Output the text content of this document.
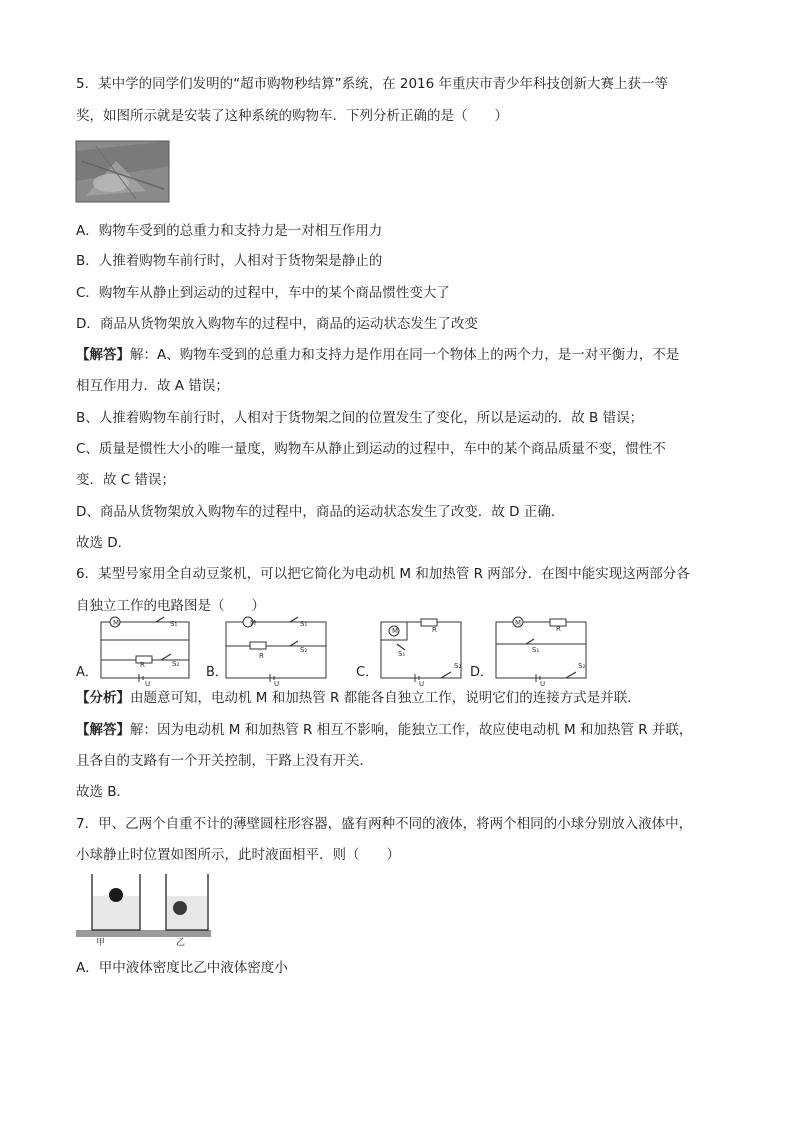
5．某中学的同学们发明的“超市购物秒结算”系统，在 2016 年重庆市青少年科技创新大赛上获一等
奖，如图所示就是安装了这种系统的购物车．下列分析正确的是（　　）
A．购物车受到的总重力和支持力是一对相互作用力
B．人推着购物车前行时，人相对于货物架是静止的
C．购物车从静止到运动的过程中，车中的某个商品惯性变大了
D．商品从货物架放入购物车的过程中，商品的运动状态发生了改变
【解答】解：A、购物车受到的总重力和支持力是作用在同一个物体上的两个力，是一对平衡力，不是
相互作用力．故 A 错误；
B、人推着购物车前行时，人相对于货物架之间的位置发生了变化，所以是运动的．故 B 错误；
C、质量是惯性大小的唯一量度，购物车从静止到运动的过程中，车中的某个商品质量不变，惯性不
变．故 C 错误；
D、商品从货物架放入购物车的过程中，商品的运动状态发生了改变．故 D 正确．
故选 D．
6．某型号家用全自动豆浆机，可以把它简化为电动机 M 和加热管 R 两部分．在图中能实现这两部分各
自独立工作的电路图是（　　）
M
R
S₁
S₂
U
M
R
S₁
S₂
U
M	R
S₁
S₂
U
M
R
S₁
S₂
U
A．	B．	C．	D．
【分析】由题意可知，电动机 M 和加热管 R 都能各自独立工作，说明它们的连接方式是并联．
【解答】解：因为电动机 M 和加热管 R 相互不影响，能独立工作，故应使电动机 M 和加热管 R 并联，
且各自的支路有一个开关控制，干路上没有开关．
故选 B．
7．甲、乙两个自重不计的薄壁圆柱形容器，盛有两种不同的液体，将两个相同的小球分别放入液体中，
小球静止时位置如图所示，此时液面相平．则（　　）
甲	乙
A．甲中液体密度比乙中液体密度小
